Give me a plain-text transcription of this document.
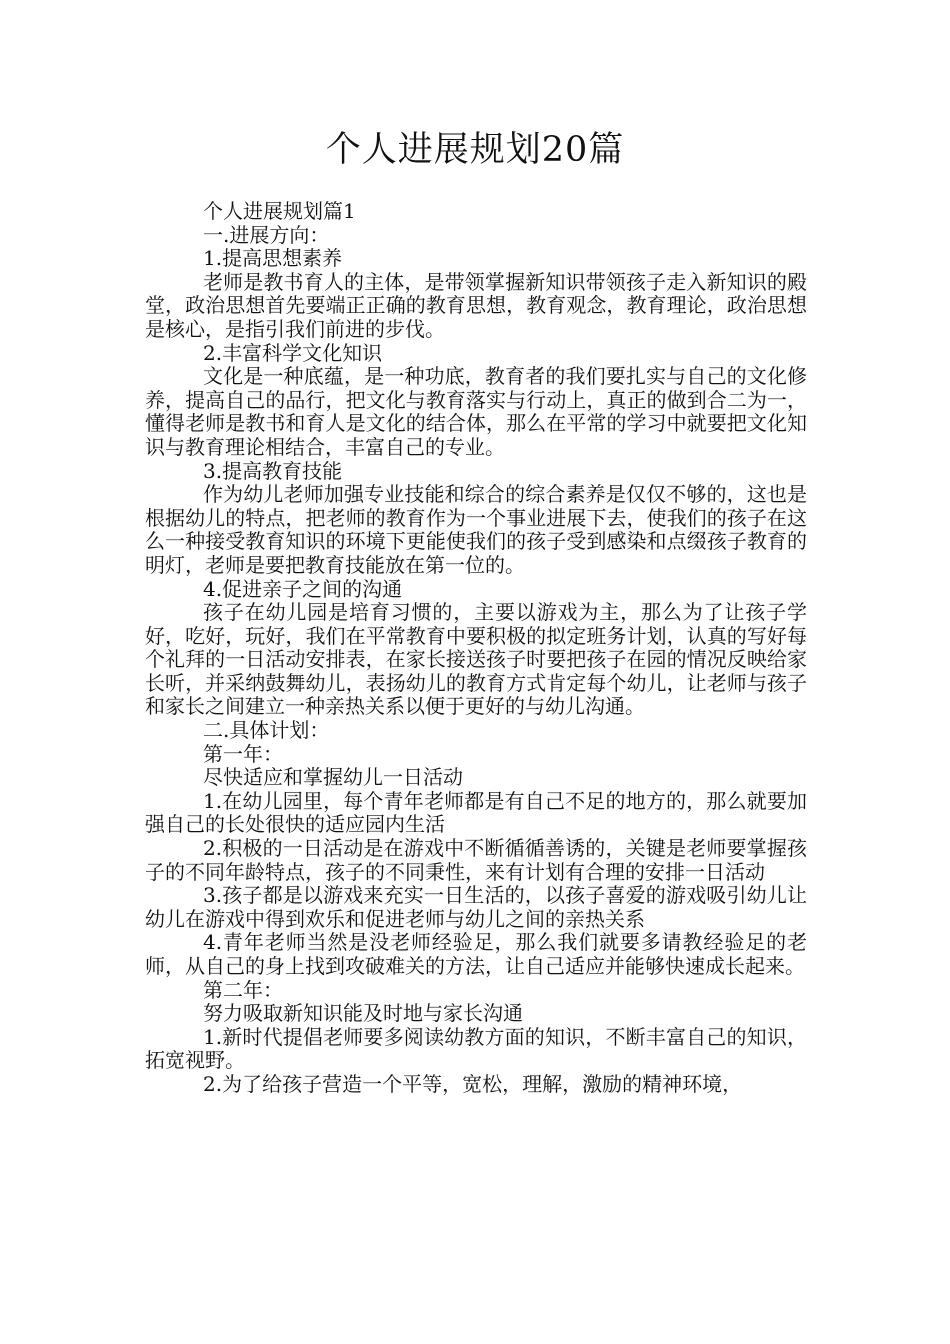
个人进展规划20篇

个人进展规划篇1

一.进展方向：

1.提高思想素养

老师是教书育人的主体，是带领掌握新知识带领孩子走入新知识的殿堂，政治思想首先要端正正确的教育思想，教育观念，教育理论，政治思想是核心，是指引我们前进的步伐。

2.丰富科学文化知识

文化是一种底蕴，是一种功底，教育者的我们要扎实与自己的文化修养，提高自己的品行，把文化与教育落实与行动上，真正的做到合二为一，懂得老师是教书和育人是文化的结合体，那么在平常的学习中就要把文化知识与教育理论相结合，丰富自己的专业。

3.提高教育技能

作为幼儿老师加强专业技能和综合的综合素养是仅仅不够的，这也是根据幼儿的特点，把老师的教育作为一个事业进展下去，使我们的孩子在这么一种接受教育知识的环境下更能使我们的孩子受到感染和点缀孩子教育的明灯，老师是要把教育技能放在第一位的。

4.促进亲子之间的沟通

孩子在幼儿园是培育习惯的，主要以游戏为主，那么为了让孩子学好，吃好，玩好，我们在平常教育中要积极的拟定班务计划，认真的写好每个礼拜的一日活动安排表，在家长接送孩子时要把孩子在园的情况反映给家长听，并采纳鼓舞幼儿，表扬幼儿的教育方式肯定每个幼儿，让老师与孩子和家长之间建立一种亲热关系以便于更好的与幼儿沟通。

二.具体计划：

第一年：

尽快适应和掌握幼儿一日活动

1.在幼儿园里，每个青年老师都是有自己不足的地方的，那么就要加强自己的长处很快的适应园内生活

2.积极的一日活动是在游戏中不断循循善诱的，关键是老师要掌握孩子的不同年龄特点，孩子的不同秉性，来有计划有合理的安排一日活动

3.孩子都是以游戏来充实一日生活的，以孩子喜爱的游戏吸引幼儿让幼儿在游戏中得到欢乐和促进老师与幼儿之间的亲热关系

4.青年老师当然是没老师经验足，那么我们就要多请教经验足的老师，从自己的身上找到攻破难关的方法，让自己适应并能够快速成长起来。

第二年：

努力吸取新知识能及时地与家长沟通

1.新时代提倡老师要多阅读幼教方面的知识，不断丰富自己的知识，拓宽视野。

2.为了给孩子营造一个平等，宽松，理解，激励的精神环境，
